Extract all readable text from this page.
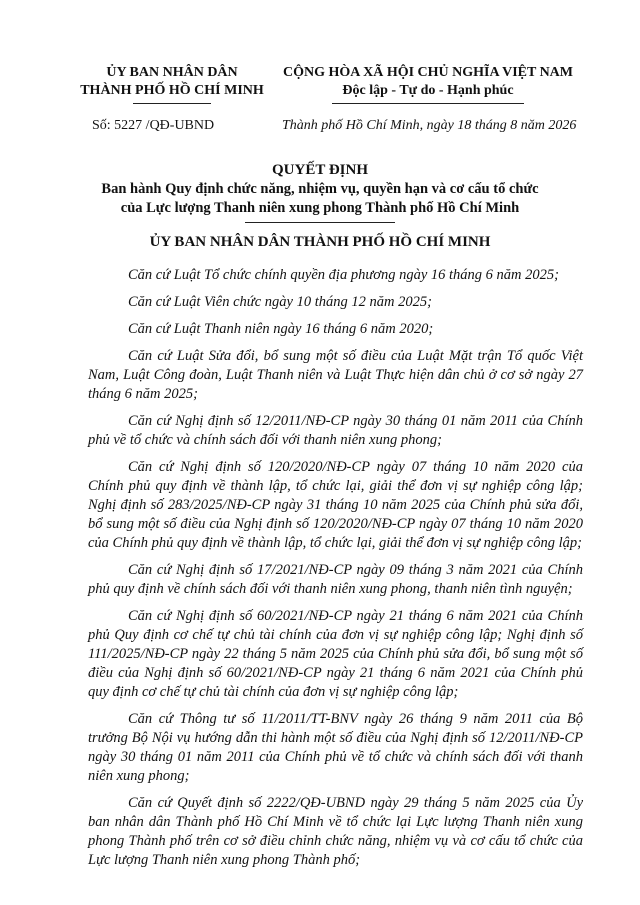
ỦY BAN NHÂN DÂN
THÀNH PHỐ HỒ CHÍ MINH
CỘNG HÒA XÃ HỘI CHỦ NGHĨA VIỆT NAM
Độc lập - Tự do - Hạnh phúc
Số: 5227 /QĐ-UBND	Thành phố Hồ Chí Minh, ngày 18 tháng 8 năm 2026
QUYẾT ĐỊNH
Ban hành Quy định chức năng, nhiệm vụ, quyền hạn và cơ cấu tổ chức
của Lực lượng Thanh niên xung phong Thành phố Hồ Chí Minh
ỦY BAN NHÂN DÂN THÀNH PHỐ HỒ CHÍ MINH

Căn cứ Luật Tổ chức chính quyền địa phương ngày 16 tháng 6 năm 2025;

Căn cứ Luật Viên chức ngày 10 tháng 12 năm 2025;

Căn cứ Luật Thanh niên ngày 16 tháng 6 năm 2020;

Căn cứ Luật Sửa đổi, bổ sung một số điều của Luật Mặt trận Tổ quốc Việt Nam, Luật Công đoàn, Luật Thanh niên và Luật Thực hiện dân chủ ở cơ sở ngày 27 tháng 6 năm 2025;

Căn cứ Nghị định số 12/2011/NĐ-CP ngày 30 tháng 01 năm 2011 của Chính phủ về tổ chức và chính sách đối với thanh niên xung phong;

Căn cứ Nghị định số 120/2020/NĐ-CP ngày 07 tháng 10 năm 2020 của Chính phủ quy định về thành lập, tổ chức lại, giải thể đơn vị sự nghiệp công lập; Nghị định số 283/2025/NĐ-CP ngày 31 tháng 10 năm 2025 của Chính phủ sửa đổi, bổ sung một số điều của Nghị định số 120/2020/NĐ-CP ngày 07 tháng 10 năm 2020 của Chính phủ quy định về thành lập, tổ chức lại, giải thể đơn vị sự nghiệp công lập;

Căn cứ Nghị định số 17/2021/NĐ-CP ngày 09 tháng 3 năm 2021 của Chính phủ quy định về chính sách đối với thanh niên xung phong, thanh niên tình nguyện;

Căn cứ Nghị định số 60/2021/NĐ-CP ngày 21 tháng 6 năm 2021 của Chính phủ Quy định cơ chế tự chủ tài chính của đơn vị sự nghiệp công lập; Nghị định số 111/2025/NĐ-CP ngày 22 tháng 5 năm 2025 của Chính phủ sửa đổi, bổ sung một số điều của Nghị định số 60/2021/NĐ-CP ngày 21 tháng 6 năm 2021 của Chính phủ quy định cơ chế tự chủ tài chính của đơn vị sự nghiệp công lập;

Căn cứ Thông tư số 11/2011/TT-BNV ngày 26 tháng 9 năm 2011 của Bộ trưởng Bộ Nội vụ hướng dẫn thi hành một số điều của Nghị định số 12/2011/NĐ-CP ngày 30 tháng 01 năm 2011 của Chính phủ về tổ chức và chính sách đối với thanh niên xung phong;

Căn cứ Quyết định số 2222/QĐ-UBND ngày 29 tháng 5 năm 2025 của Ủy ban nhân dân Thành phố Hồ Chí Minh về tổ chức lại Lực lượng Thanh niên xung phong Thành phố trên cơ sở điều chỉnh chức năng, nhiệm vụ và cơ cấu tổ chức của Lực lượng Thanh niên xung phong Thành phố;
